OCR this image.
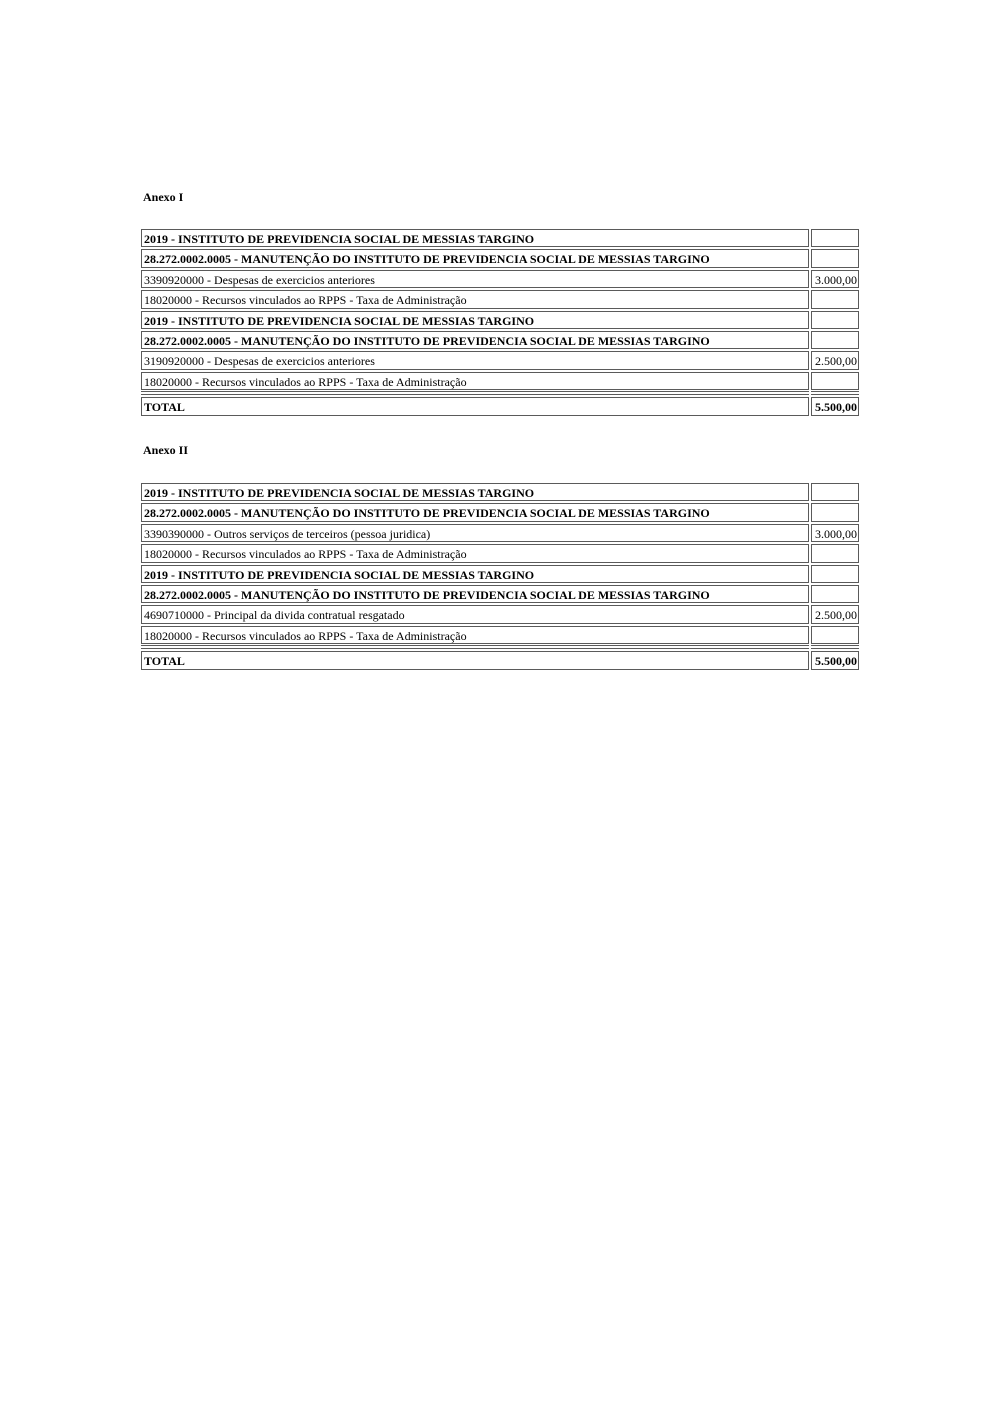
Anexo I
2019 - INSTITUTO DE PREVIDENCIA SOCIAL DE MESSIAS TARGINO
28.272.0002.0005 - MANUTENÇÃO DO INSTITUTO DE PREVIDENCIA SOCIAL DE MESSIAS TARGINO
3390920000 - Despesas de exercicios anteriores	3.000,00
18020000 - Recursos vinculados ao RPPS - Taxa de Administração
2019 - INSTITUTO DE PREVIDENCIA SOCIAL DE MESSIAS TARGINO
28.272.0002.0005 - MANUTENÇÃO DO INSTITUTO DE PREVIDENCIA SOCIAL DE MESSIAS TARGINO
3190920000 - Despesas de exercicios anteriores	2.500,00
18020000 - Recursos vinculados ao RPPS - Taxa de Administração
TOTAL	5.500,00
Anexo II
2019 - INSTITUTO DE PREVIDENCIA SOCIAL DE MESSIAS TARGINO
28.272.0002.0005 - MANUTENÇÃO DO INSTITUTO DE PREVIDENCIA SOCIAL DE MESSIAS TARGINO
3390390000 - Outros serviços de terceiros (pessoa juridica)	3.000,00
18020000 - Recursos vinculados ao RPPS - Taxa de Administração
2019 - INSTITUTO DE PREVIDENCIA SOCIAL DE MESSIAS TARGINO
28.272.0002.0005 - MANUTENÇÃO DO INSTITUTO DE PREVIDENCIA SOCIAL DE MESSIAS TARGINO
4690710000 - Principal da divida contratual resgatado	2.500,00
18020000 - Recursos vinculados ao RPPS - Taxa de Administração
TOTAL	5.500,00
